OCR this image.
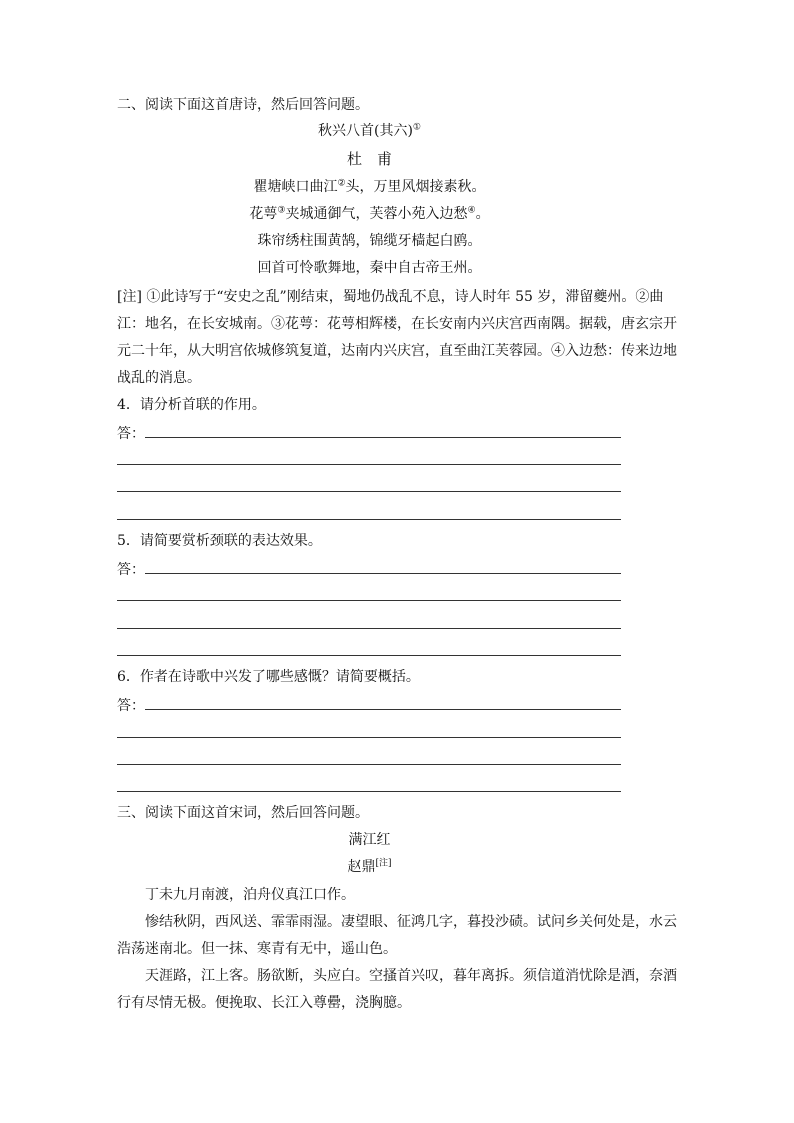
二、阅读下面这首唐诗，然后回答问题。
秋兴八首(其六)①
杜　甫
瞿塘峡口曲江②头，万里风烟接素秋。
花萼③夹城通御气，芙蓉小苑入边愁④。
珠帘绣柱围黄鹄，锦缆牙樯起白鸥。
回首可怜歌舞地，秦中自古帝王州。
[注] ①此诗写于“安史之乱”刚结束，蜀地仍战乱不息，诗人时年 55 岁，滞留夔州。②曲
江：地名，在长安城南。③花萼：花萼相辉楼，在长安南内兴庆宫西南隅。据载，唐玄宗开
元二十年，从大明宫依城修筑复道，达南内兴庆宫，直至曲江芙蓉园。④入边愁：传来边地
战乱的消息。
4．请分析首联的作用。
答：
5．请简要赏析颈联的表达效果。
答：
6．作者在诗歌中兴发了哪些感慨？请简要概括。
答：
三、阅读下面这首宋词，然后回答问题。
满江红
赵鼎[注]
丁未九月南渡，泊舟仪真江口作。
惨结秋阴，西风送、霏霏雨湿。凄望眼、征鸿几字，暮投沙碛。试问乡关何处是，水云
浩荡迷南北。但一抹、寒青有无中，遥山色。
天涯路，江上客。肠欲断，头应白。空搔首兴叹，暮年离拆。须信道消忧除是酒，奈酒
行有尽情无极。便挽取、长江入尊罍，浇胸臆。
